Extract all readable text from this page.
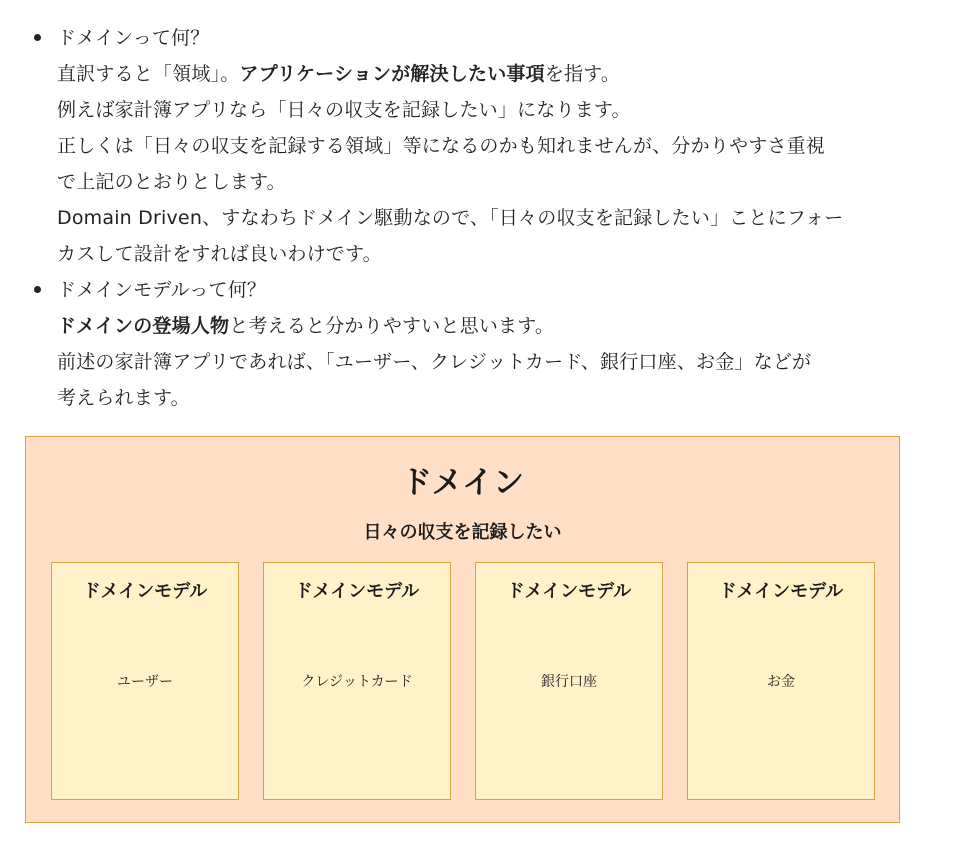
ドメインって何？
直訳すると「領域」。アプリケーションが解決したい事項を指す。
例えば家計簿アプリなら「日々の収支を記録したい」になります。
正しくは「日々の収支を記録する領域」等になるのかも知れませんが、分かりやすさ重視
で上記のとおりとします。
Domain Driven、すなわちドメイン駆動なので、「日々の収支を記録したい」ことにフォー
カスして設計をすれば良いわけです。
ドメインモデルって何？
ドメインの登場人物と考えると分かりやすいと思います。
前述の家計簿アプリであれば、「ユーザー、クレジットカード、銀行口座、お金」などが
考えられます。
ドメイン
日々の収支を記録したい
ドメインモデル
ユーザー
ドメインモデル
クレジットカード
ドメインモデル
銀行口座
ドメインモデル
お金
